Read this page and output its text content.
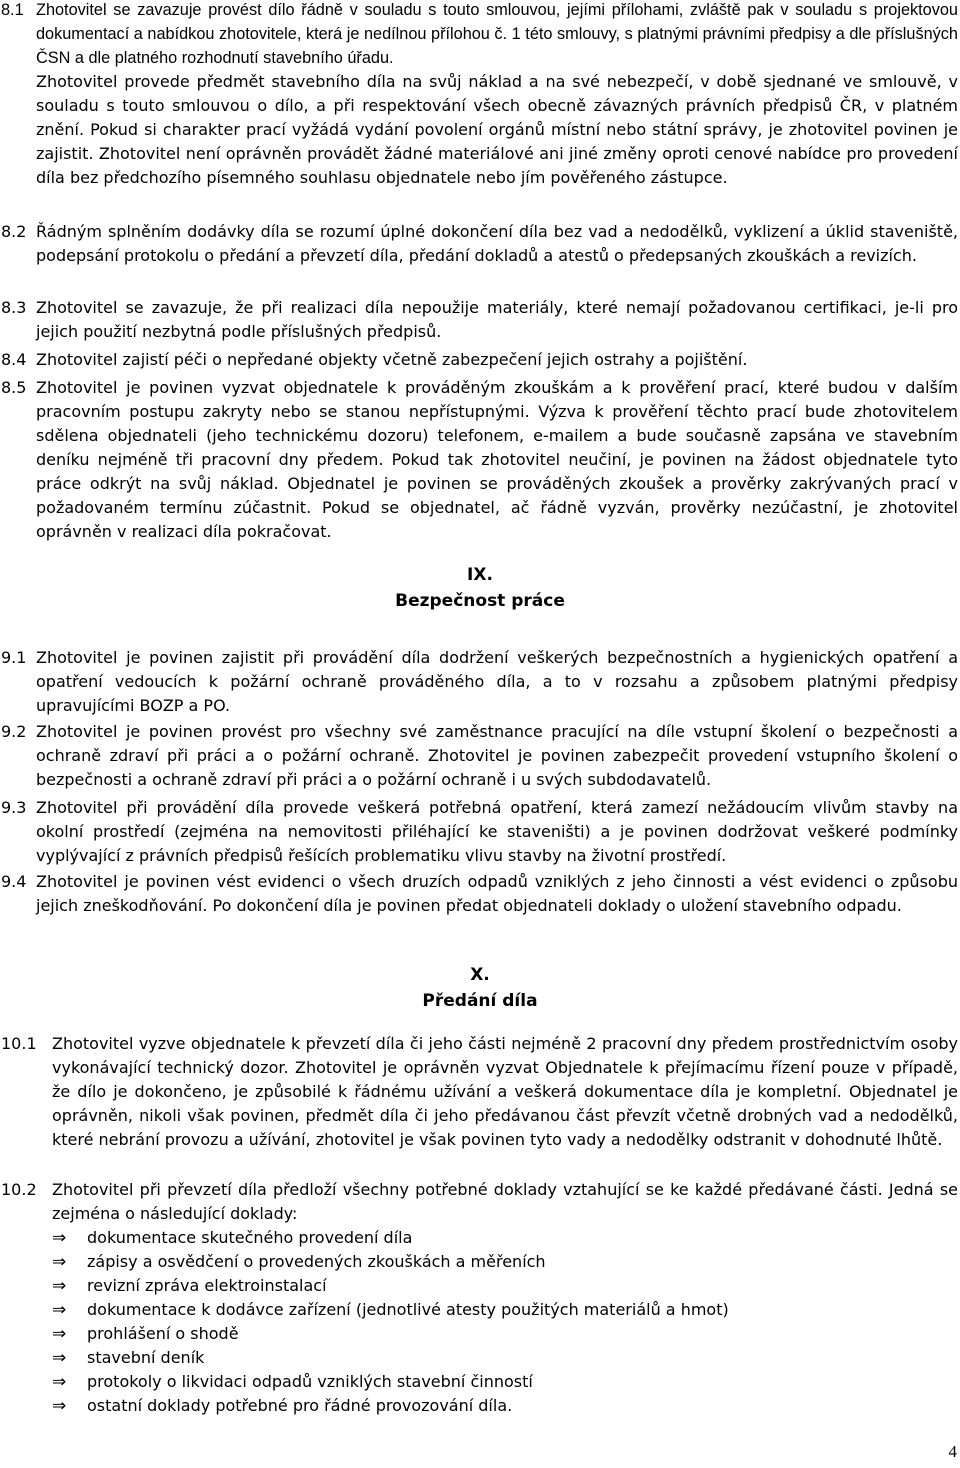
8.1 Zhotovitel se zavazuje provést dílo řádně v souladu s touto smlouvou, jejími přílohami, zvláště pak v souladu s projektovou dokumentací a nabídkou zhotovitele, která je nedílnou přílohou č. 1 této smlouvy, s platnými právními předpisy a dle příslušných ČSN a dle platného rozhodnutí stavebního úřadu.
Zhotovitel provede předmět stavebního díla na svůj náklad a na své nebezpečí, v době sjednané ve smlouvě, v souladu s touto smlouvou o dílo, a při respektování všech obecně závazných právních předpisů ČR, v platném znění. Pokud si charakter prací vyžádá vydání povolení orgánů místní nebo státní správy, je zhotovitel povinen je zajistit. Zhotovitel není oprávněn provádět žádné materiálové ani jiné změny oproti cenové nabídce pro provedení díla bez předchozího písemného souhlasu objednatele nebo jím pověřeného zástupce.
8.2 Řádným splněním dodávky díla se rozumí úplné dokončení díla bez vad a nedodělků, vyklizení a úklid staveniště, podepsání protokolu o předání a převzetí díla, předání dokladů a atestů o předepsaných zkouškách a revizích.
8.3 Zhotovitel se zavazuje, že při realizaci díla nepoužije materiály, které nemají požadovanou certifikaci, je-li pro jejich použití nezbytná podle příslušných předpisů.
8.4 Zhotovitel zajistí péči o nepředané objekty včetně zabezpečení jejich ostrahy a pojištění.
8.5 Zhotovitel je povinen vyzvat objednatele k prováděným zkouškám a k prověření prací, které budou v dalším pracovním postupu zakryty nebo se stanou nepřístupnými. Výzva k prověření těchto prací bude zhotovitelem sdělena objednateli (jeho technickému dozoru) telefonem, e-mailem a bude současně zapsána ve stavebním deníku nejméně tři pracovní dny předem. Pokud tak zhotovitel neučiní, je povinen na žádost objednatele tyto práce odkrýt na svůj náklad. Objednatel je povinen se prováděných zkoušek a prověrky zakrývaných prací v požadovaném termínu zúčastnit. Pokud se objednatel, ač řádně vyzván, prověrky nezúčastní, je zhotovitel oprávněn v realizaci díla pokračovat.
IX.
Bezpečnost práce
9.1 Zhotovitel je povinen zajistit při provádění díla dodržení veškerých bezpečnostních a hygienických opatření a opatření vedoucích k požární ochraně prováděného díla, a to v rozsahu a způsobem platnými předpisy upravujícími BOZP a PO.
9.2 Zhotovitel je povinen provést pro všechny své zaměstnance pracující na díle vstupní školení o bezpečnosti a ochraně zdraví při práci a o požární ochraně. Zhotovitel je povinen zabezpečit provedení vstupního školení o bezpečnosti a ochraně zdraví při práci a o požární ochraně i u svých subdodavatelů.
9.3 Zhotovitel při provádění díla provede veškerá potřebná opatření, která zamezí nežádoucím vlivům stavby na okolní prostředí (zejména na nemovitosti přiléhající ke staveništi) a je povinen dodržovat veškeré podmínky vyplývající z právních předpisů řešících problematiku vlivu stavby na životní prostředí.
9.4 Zhotovitel je povinen vést evidenci o všech druzích odpadů vzniklých z jeho činnosti a vést evidenci o způsobu jejich zneškodňování. Po dokončení díla je povinen předat objednateli doklady o uložení stavebního odpadu.
X.
Předání díla
10.1 Zhotovitel vyzve objednatele k převzetí díla či jeho části nejméně 2 pracovní dny předem prostřednictvím osoby vykonávající technický dozor. Zhotovitel je oprávněn vyzvat Objednatele k přejímacímu řízení pouze v případě, že dílo je dokončeno, je způsobilé k řádnému užívání a veškerá dokumentace díla je kompletní. Objednatel je oprávněn, nikoli však povinen, předmět díla či jeho předávanou část převzít včetně drobných vad a nedodělků, které nebrání provozu a užívání, zhotovitel je však povinen tyto vady a nedodělky odstranit v dohodnuté lhůtě.
10.2 Zhotovitel při převzetí díla předloží všechny potřebné doklady vztahující se ke každé předávané části. Jedná se zejména o následující doklady:
⇒ dokumentace skutečného provedení díla
⇒ zápisy a osvědčení o provedených zkouškách a měřeních
⇒ revizní zpráva elektroinstalací
⇒ dokumentace k dodávce zařízení (jednotlivé atesty použitých materiálů a hmot)
⇒ prohlášení o shodě
⇒ stavební deník
⇒ protokoly o likvidaci odpadů vzniklých stavební činností
⇒ ostatní doklady potřebné pro řádné provozování díla.
4
